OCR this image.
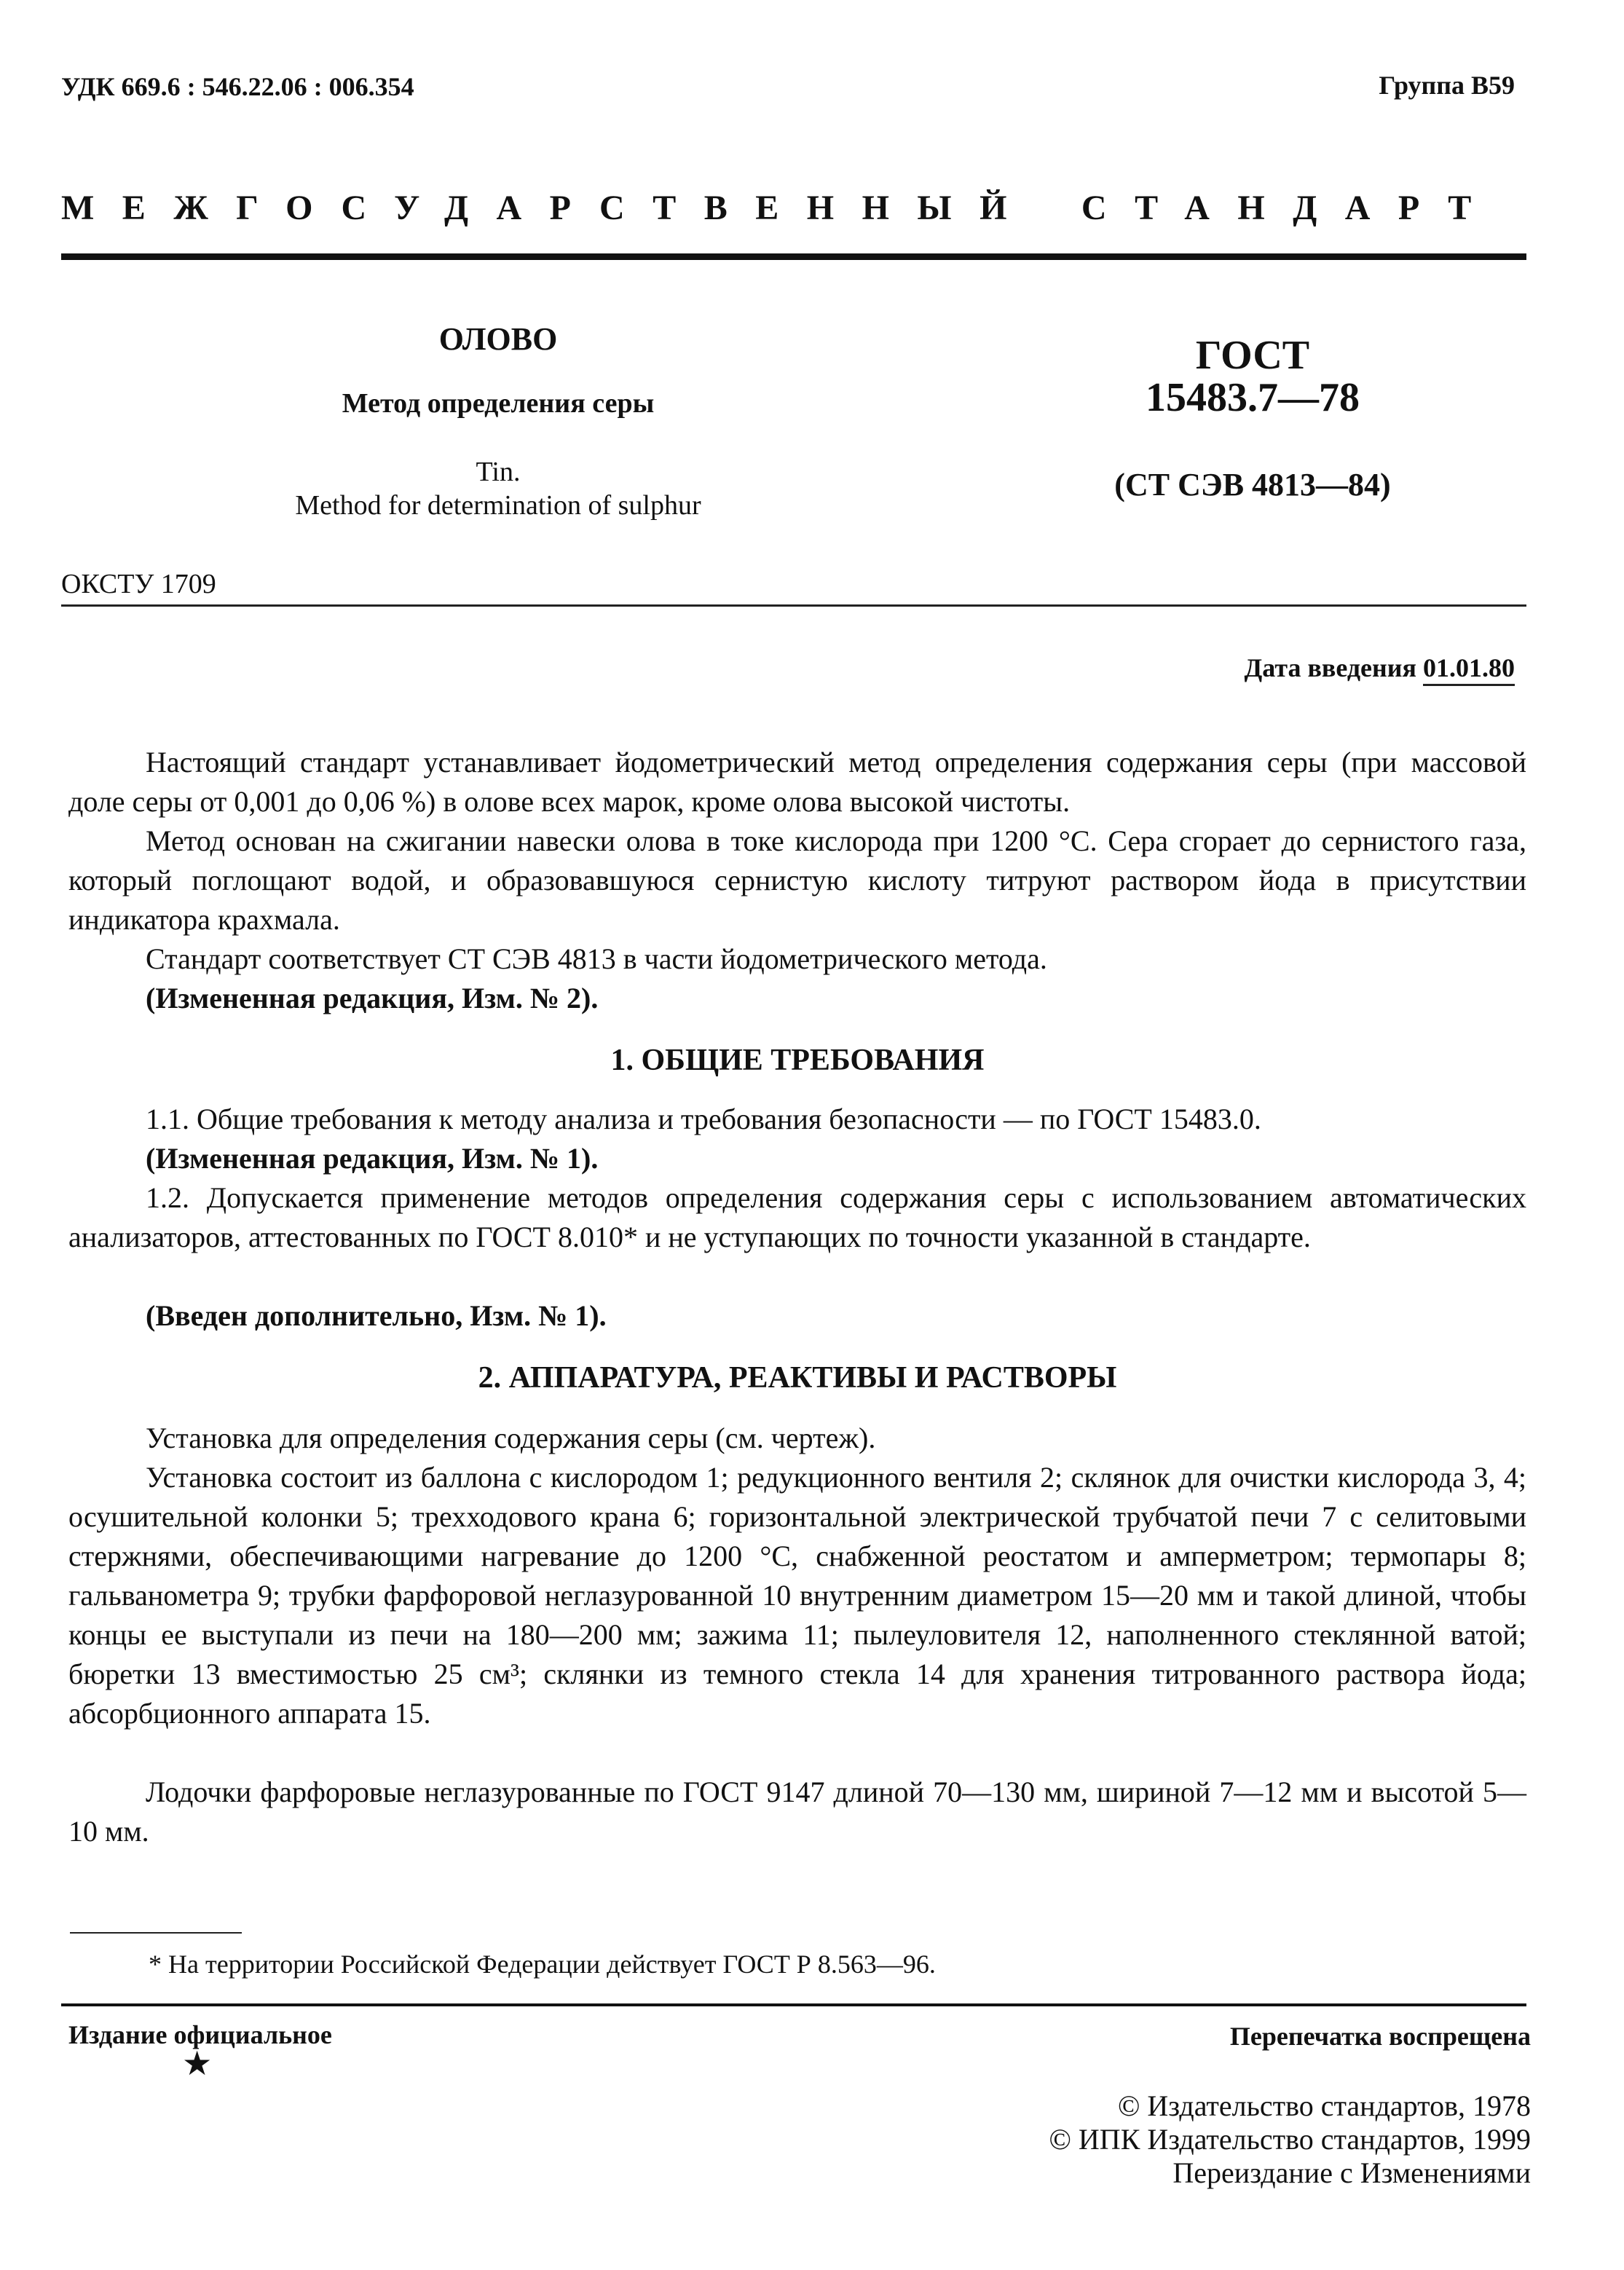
УДК 669.6 : 546.22.06 : 006.354	Группа В59
МЕЖГОСУДАРСТВЕННЫЙ СТАНДАРТ
ОЛОВО
Метод определения серы
Tin.
Method for determination of sulphur
ГОСТ
15483.7—78
(СТ СЭВ 4813—84)
ОКСТУ 1709
Дата введения 01.01.80
Настоящий стандарт устанавливает йодометрический метод определения содержания серы (при массовой доле серы от 0,001 до 0,06 %) в олове всех марок, кроме олова высокой чистоты.
Метод основан на сжигании навески олова в токе кислорода при 1200 °С. Сера сгорает до сернистого газа, который поглощают водой, и образовавшуюся сернистую кислоту титруют раствором йода в присутствии индикатора крахмала.
Стандарт соответствует СТ СЭВ 4813 в части йодометрического метода.
(Измененная редакция, Изм. № 2).
1. ОБЩИЕ ТРЕБОВАНИЯ
1.1. Общие требования к методу анализа и требования безопасности — по ГОСТ 15483.0.
(Измененная редакция, Изм. № 1).
1.2. Допускается применение методов определения содержания серы с использованием автоматических анализаторов, аттестованных по ГОСТ 8.010* и не уступающих по точности указанной в стандарте.
(Введен дополнительно, Изм. № 1).
2. АППАРАТУРА, РЕАКТИВЫ И РАСТВОРЫ
Установка для определения содержания серы (см. чертеж).
Установка состоит из баллона с кислородом 1; редукционного вентиля 2; склянок для очистки кислорода 3, 4; осушительной колонки 5; трехходового крана 6; горизонтальной электрической трубчатой печи 7 с селитовыми стержнями, обеспечивающими нагревание до 1200 °С, снабженной реостатом и амперметром; термопары 8; гальванометра 9; трубки фарфоровой неглазурованной 10 внутренним диаметром 15—20 мм и такой длиной, чтобы концы ее выступали из печи на 180—200 мм; зажима 11; пылеуловителя 12, наполненного стеклянной ватой; бюретки 13 вместимостью 25 см³; склянки из темного стекла 14 для хранения титрованного раствора йода; абсорбционного аппарата 15.
Лодочки фарфоровые неглазурованные по ГОСТ 9147 длиной 70—130 мм, шириной 7—12 мм и высотой 5—10 мм.
* На территории Российской Федерации действует ГОСТ Р 8.563—96.
Издание официальное
★
Перепечатка воспрещена
© Издательство стандартов, 1978
© ИПК Издательство стандартов, 1999
Переиздание с Изменениями
